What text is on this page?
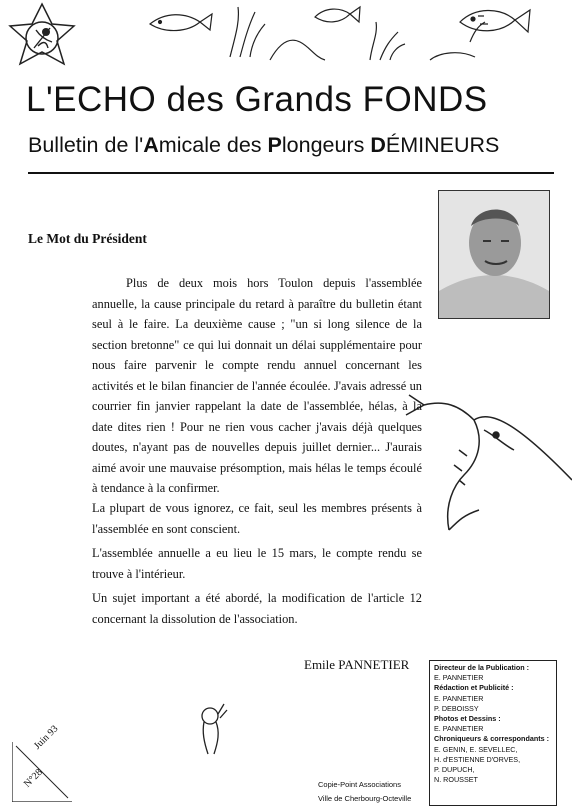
L'ECHO des Grands FONDS
Bulletin de l'Amicale des Plongeurs DÉMINEURS
Le Mot du Président

Plus de deux mois hors Toulon depuis l'assemblée annuelle, la cause principale du retard à paraître du bulletin étant seul à le faire. La deuxième cause ; "un si long silence de la section bretonne" ce qui lui donnait un délai supplémentaire pour nous faire parvenir le compte rendu annuel concernant les activités et le bilan financier de l'année écoulée. J'avais adressé un courrier fin janvier rappelant la date de l'assemblée, hélas, à la date dites rien ! Pour ne rien vous cacher j'avais déjà quelques doutes, n'ayant pas de nouvelles depuis juillet dernier... J'aurais aimé avoir une mauvaise présomption, mais hélas le temps écoulé à tendance à la confirmer.

La plupart de vous ignorez, ce fait, seul les membres présents à l'assemblée en sont conscient.

L'assemblée annuelle a eu lieu le 15 mars, le compte rendu se trouve à l'intérieur.

Un sujet important a été abordé, la modification de l'article 12 concernant la dissolution de l'association.

Emile PANNETIER	Directeur de la Publication :
E. PANNETIER
Rédaction et Publicité :
E. PANNETIER
P. DEBOISSY
Photos et Dessins :
E. PANNETIER
Chroniqueurs & correspondants :
E. GENIN, E. SEVELLEC,
H. d'ESTIENNE D'ORVES,
P. DUPUCH,
N. ROUSSET
Copie-Point Associations
Ville de Cherbourg-Octeville
Juin 93
N°28
